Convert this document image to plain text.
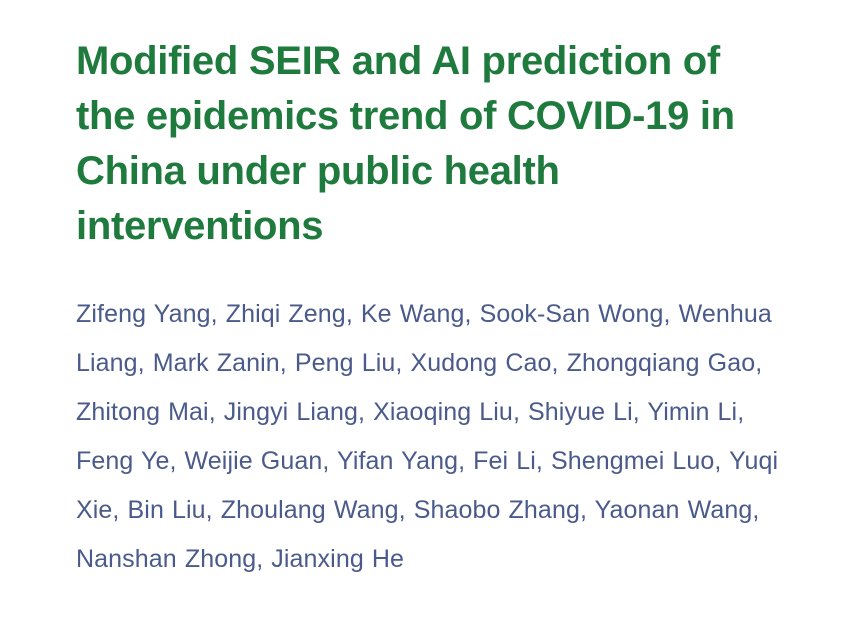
Modified SEIR and AI prediction of the epidemics trend of COVID-19 in China under public health interventions
Zifeng Yang, Zhiqi Zeng, Ke Wang, Sook-San Wong, Wenhua Liang, Mark Zanin, Peng Liu, Xudong Cao, Zhongqiang Gao, Zhitong Mai, Jingyi Liang, Xiaoqing Liu, Shiyue Li, Yimin Li, Feng Ye, Weijie Guan, Yifan Yang, Fei Li, Shengmei Luo, Yuqi Xie, Bin Liu, Zhoulang Wang, Shaobo Zhang, Yaonan Wang, Nanshan Zhong, Jianxing He
